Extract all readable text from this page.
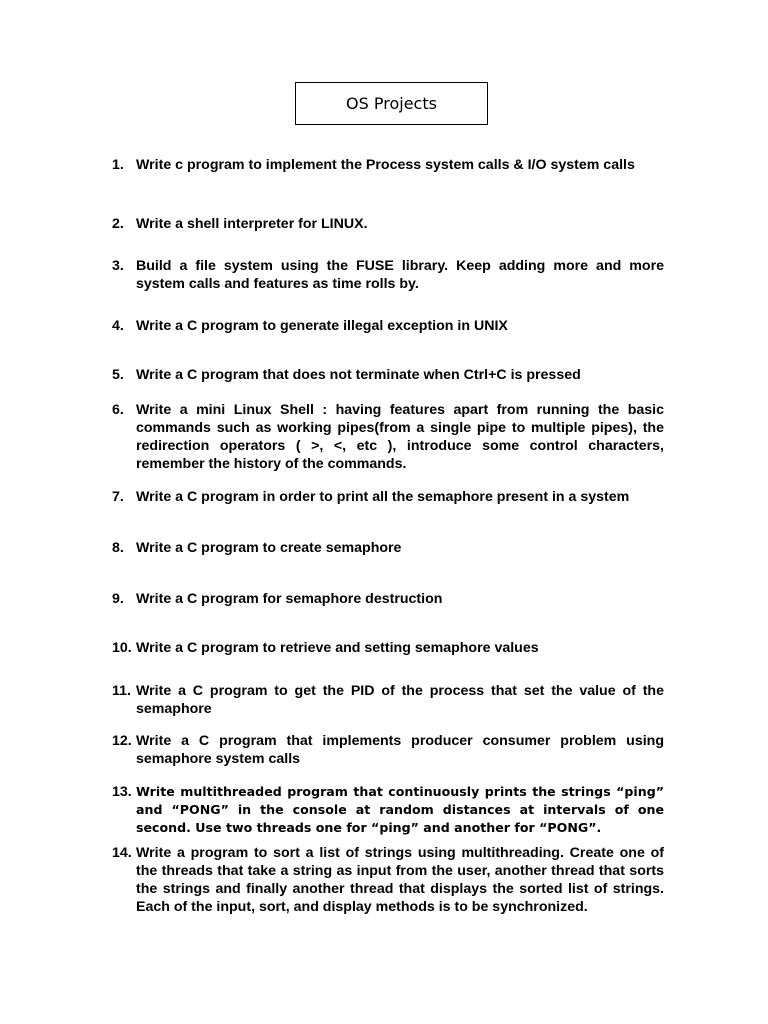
OS Projects
1. Write c program to implement the Process system calls & I/O system calls
2. Write a shell interpreter for LINUX.
3. Build a file system using the FUSE library. Keep adding more and more system calls and features as time rolls by.
4. Write a C program to generate illegal exception in UNIX
5. Write a C program that does not terminate when Ctrl+C is pressed
6. Write a mini Linux Shell : having features apart from running the basic commands such as working pipes(from a single pipe to multiple pipes), the redirection operators ( >, <, etc ), introduce some control characters, remember the history of the commands.
7. Write a C program in order to print all the semaphore present in a system
8. Write a C program to create semaphore
9. Write a C program for semaphore destruction
10. Write a C program to retrieve and setting semaphore values
11. Write a C program to get the PID of the process that set the value of the semaphore
12. Write a C program that implements producer consumer problem using semaphore system calls
13. Write multithreaded program that continuously prints the strings “ping” and “PONG” in the console at random distances at intervals of one second. Use two threads one for “ping” and another for “PONG”.
14. Write a program to sort a list of strings using multithreading. Create one of the threads that take a string as input from the user, another thread that sorts the strings and finally another thread that displays the sorted list of strings. Each of the input, sort, and display methods is to be synchronized.
